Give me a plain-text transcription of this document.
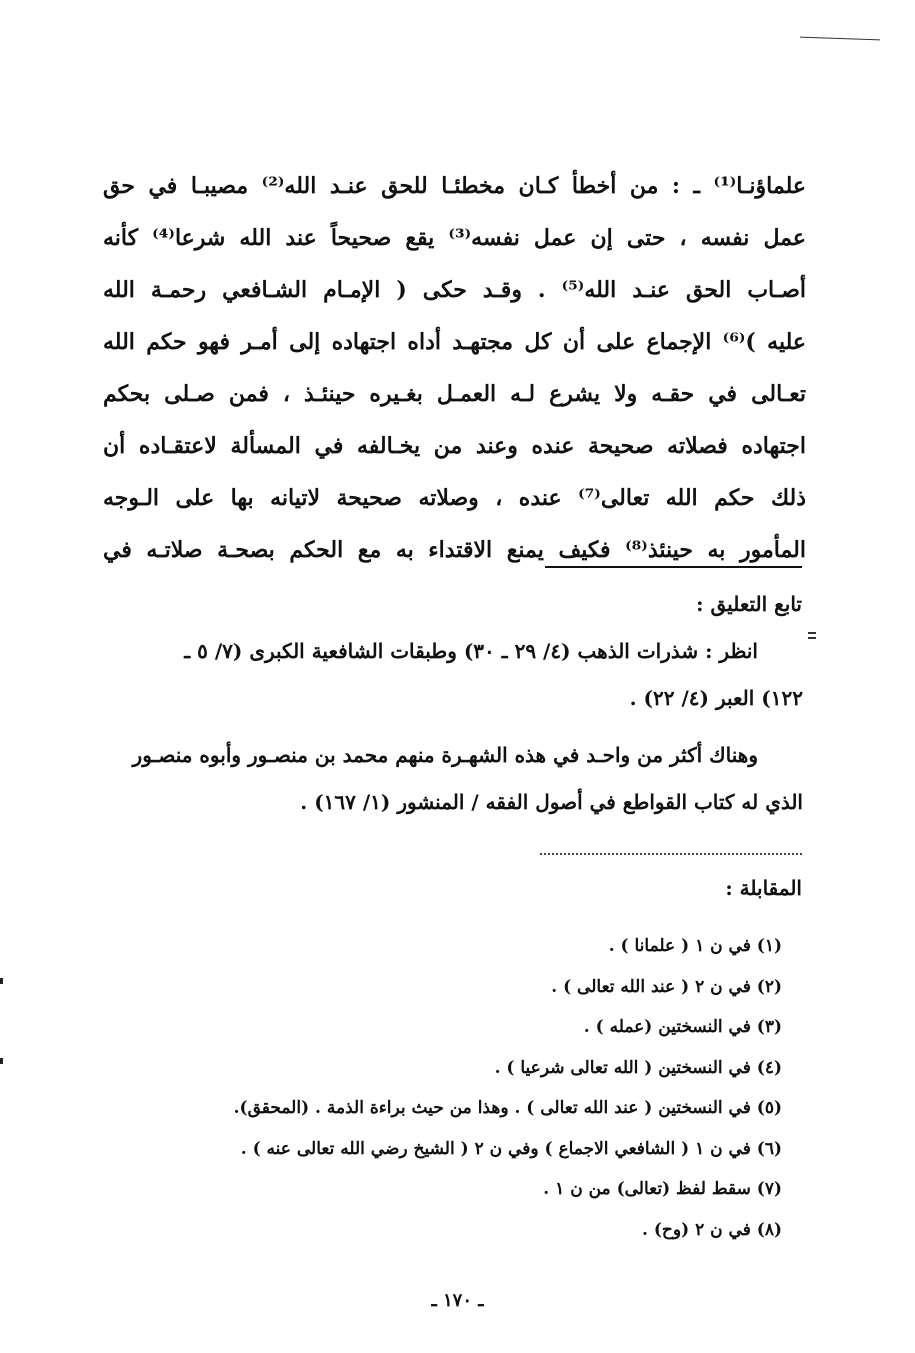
علماؤنـا⁽¹⁾ ـ : من أخطأ كـان مخطئـا للحق عنـد الله⁽²⁾ مصيبـا في حق
عمل نفسه ، حتى إن عمل نفسه⁽³⁾ يقع صحيحاً عند الله شرعا⁽⁴⁾ كأنه
أصـاب الحق عنـد الله⁽⁵⁾ . وقـد حكى ( الإمـام الشـافعي رحمـة الله
عليه )⁽⁶⁾ الإجماع على أن كل مجتهـد أداه اجتهاده إلى أمـر فهو حكم الله
تعـالى في حقـه ولا يشرع لـه العمـل بغـيره حينئـذ ، فمن صـلى بحكم
اجتهاده فصلاته صحيحة عنده وعند من يخـالفه في المسألة لاعتقـاده أن
ذلك حكم الله تعالى⁽⁷⁾ عنده ، وصلاته صحيحة لاتيانه بها على الـوجه
المأمور به حينئذ⁽⁸⁾ فكيف يمنع الاقتداء به مع الحكم بصحـة صلاتـه في
تابع التعليق :
انظر : شذرات الذهب (٤/ ٢٩ ـ ٣٠) وطبقات الشافعية الكبرى (٧/ ٥ ـ
١٢٢) العبر (٤/ ٢٢) .
وهناك أكثر من واحـد في هذه الشهـرة منهم محمد بن منصـور وأبوه منصـور
الذي له كتاب القواطع في أصول الفقه / المنشور (١/ ١٦٧) .
المقابلة :
(١) في ن ١ ( علمانا ) .
(٢) في ن ٢ ( عند الله تعالى ) .
(٣) في النسختين (عمله ) .
(٤) في النسختين ( الله تعالى شرعيا ) .
(٥) في النسختين ( عند الله تعالى ) . وهذا من حيث براءة الذمة . (المحقق).
(٦) في ن ١ ( الشافعي الاجماع ) وفي ن ٢ ( الشيخ رضي الله تعالى عنه ) .
(٧) سقط لفظ (تعالى) من ن ١ .
(٨) في ن ٢ (وح) .
ـ ١٧٠ ـ
